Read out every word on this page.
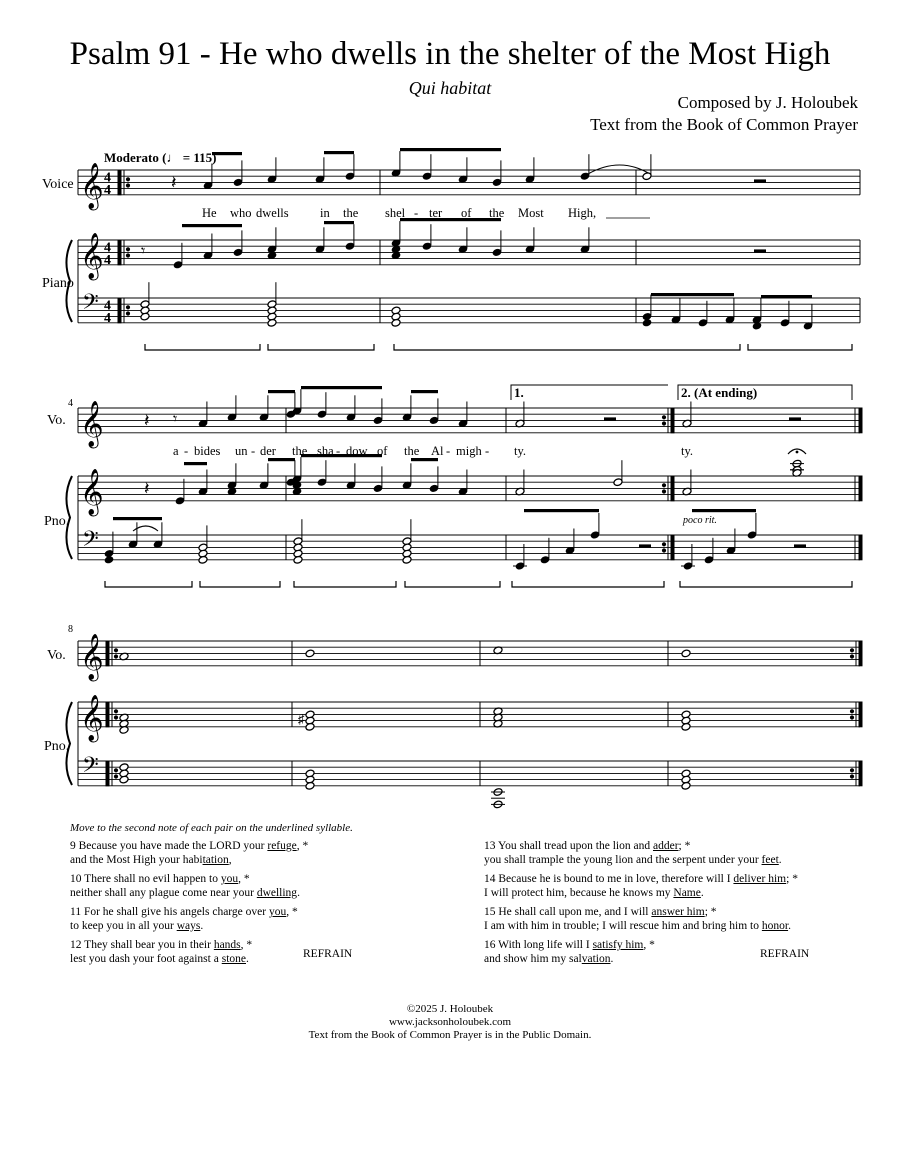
Psalm 91 - He who dwells in the shelter of the Most High
Qui habitat
Composed by J. Holoubek
Text from the Book of Common Prayer
𝄞
𝄞
𝄢
4
4
4
4
4
4
𝄽
𝄾
𝄞
𝄞
𝄢
𝄽 𝄾
𝄽
𝄞
𝄞
𝄢
♯
Moderato (♩ = 115)
Voice
Piano
Vo.
Pno.
Vo.
Pno.
4
8
1.	2. (At ending)
poco rit.
He who dwells	in the shel - ter of the Most High,
a - bides un - der the sha - dow of the Al - migh - ty.	ty.
Move to the second note of each pair on the underlined syllable.

9 Because you have made the LORD your refuge, *
and the Most High your habitation,

10 There shall no evil happen to you, *
neither shall any plague come near your dwelling.

11 For he shall give his angels charge over you, *
to keep you in all your ways.

12 They shall bear you in their hands, *
lest you dash your foot against a stone.

13 You shall tread upon the lion and adder; *
you shall trample the young lion and the serpent under your feet.

14 Because he is bound to me in love, therefore will I deliver him; *
I will protect him, because he knows my Name.

15 He shall call upon me, and I will answer him; *
I am with him in trouble; I will rescue him and bring him to honor.

16 With long life will I satisfy him, *
and show him my salvation.

REFRAIN	REFRAIN
©2025 J. Holoubek
www.jacksonholoubek.com
Text from the Book of Common Prayer is in the Public Domain.
